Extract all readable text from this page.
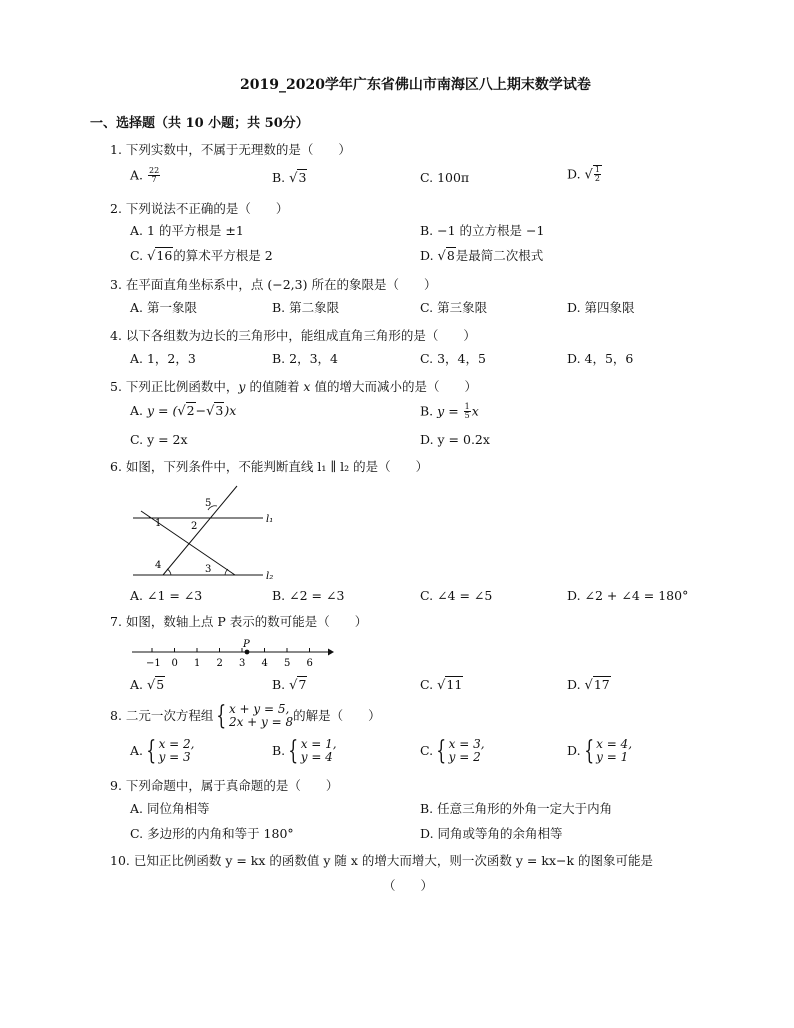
2019_2020学年广东省佛山市南海区八上期末数学试卷
一、选择题（共 10 小题；共 50分）
1. 下列实数中，不属于无理数的是（　　）
A. $\frac{22}{7}$	B. √3	C. 100π	D. √ $\frac{1}{2}$
2. 下列说法不正确的是（　　）
A. 1 的平方根是 ±1	B. −1 的立方根是 −1
C. √16的算术平方根是 2	D. √8是最简二次根式
3. 在平面直角坐标系中，点 (−2,3) 所在的象限是（　　）
A. 第一象限	B. 第二象限	C. 第三象限	D. 第四象限
4. 以下各组数为边长的三角形中，能组成直角三角形的是（　　）
A. 1，2，3	B. 2，3，4	C. 3，4，5	D. 4，5，6
5. 下列正比例函数中，y 的值随着 x 值的增大而减小的是（　　）
A. y = (√2−√3)x	B. $y = \frac{1}{5}$ x
C. y = 2x	D. y = 0.2x
6. 如图，下列条件中，不能判断直线 l₁ ∥ l₂ 的是（　　）
1	2
3
4
5
l₁
l₂
A. ∠1 = ∠3	B. ∠2 = ∠3	C. ∠4 = ∠5	D. ∠2 + ∠4 = 180°
7. 如图，数轴上点 P 表示的数可能是（　　）
−1 0 1 2 3 4 5 6
P
A. √5	B. √7	C. √11	D. √17
8. 二元一次方程组 { x + y = 5,
2x + y = 8的解是（　　）
A. { x = 2,
y = 3	B. { x = 1,
y = 4	C. { x = 3,
y = 2	D. { x = 4,
y = 1
9. 下列命题中，属于真命题的是（　　）
A. 同位角相等	B. 任意三角形的外角一定大于内角
C. 多边形的内角和等于 180°	D. 同角或等角的余角相等
10. 已知正比例函数 y = kx 的函数值 y 随 x 的增大而增大，则一次函数 y = kx−k 的图象可能是
（　　）
